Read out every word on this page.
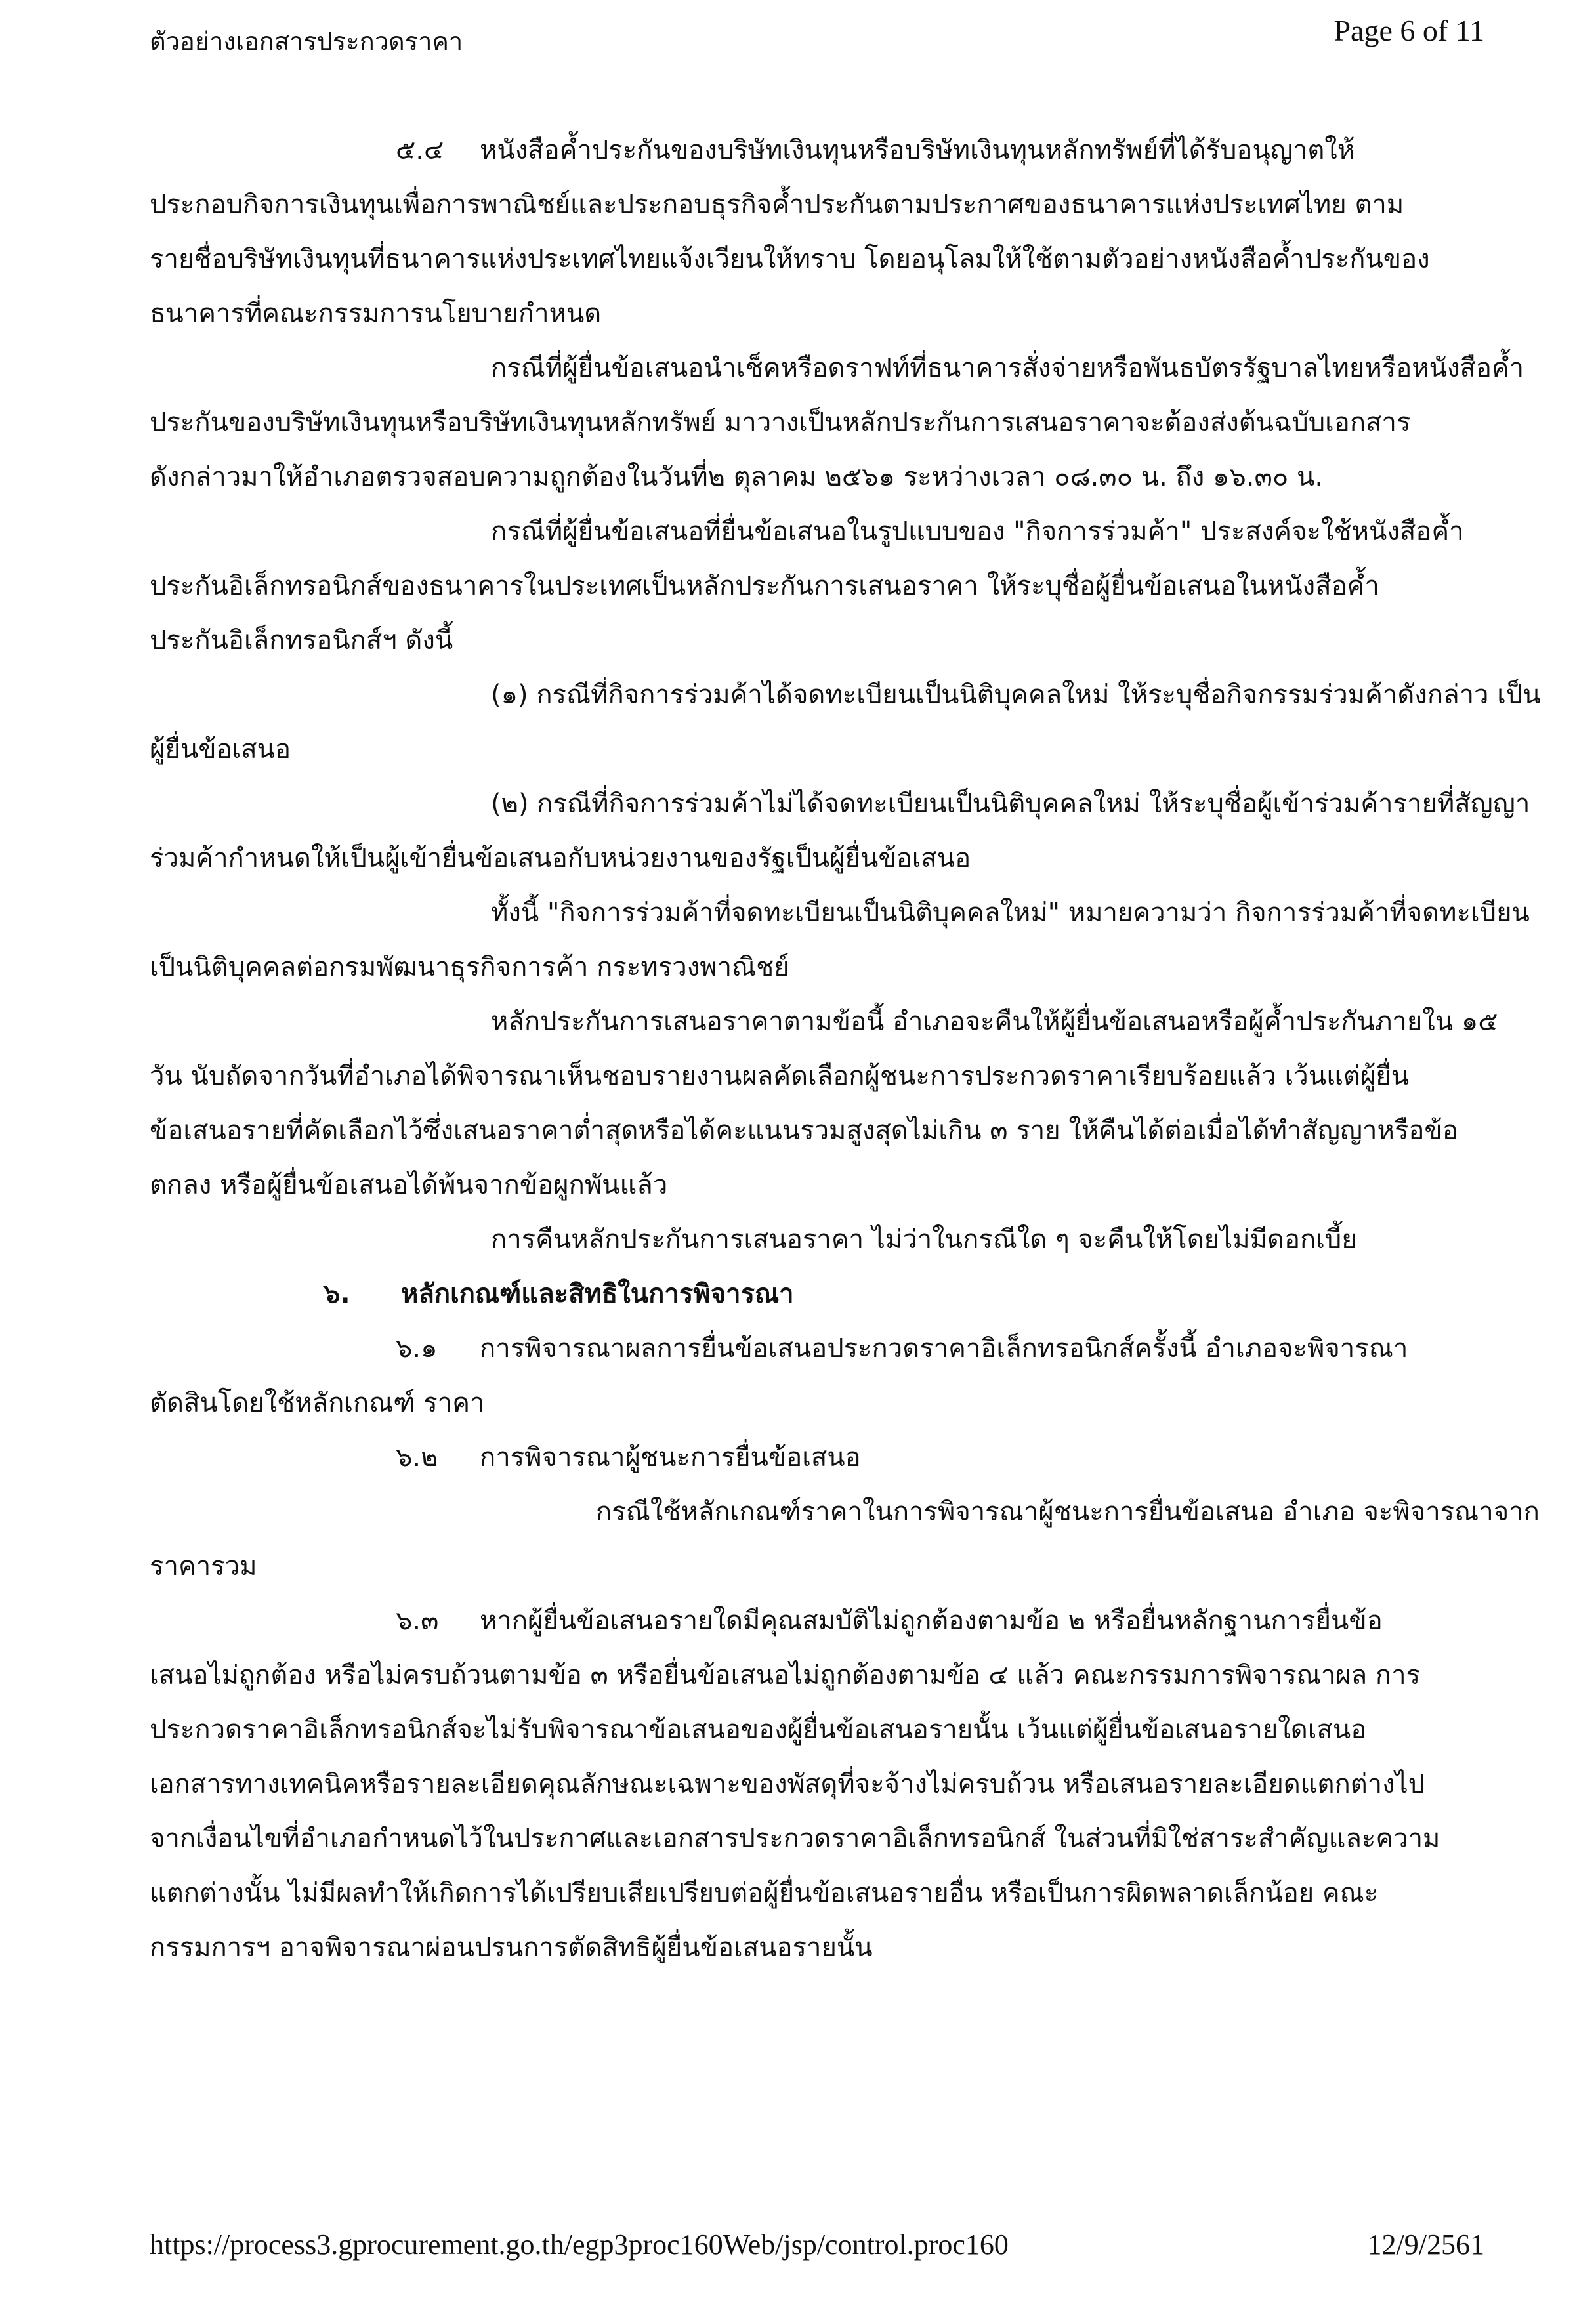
ตัวอย่างเอกสารประกวดราคา	Page 6 of 11
๕.๔ หนังสือค้ำประกันของบริษัทเงินทุนหรือบริษัทเงินทุนหลักทรัพย์ที่ได้รับอนุญาตให้
ประกอบกิจการเงินทุนเพื่อการพาณิชย์และประกอบธุรกิจค้ำประกันตามประกาศของธนาคารแห่งประเทศไทย ตาม
รายชื่อบริษัทเงินทุนที่ธนาคารแห่งประเทศไทยแจ้งเวียนให้ทราบ โดยอนุโลมให้ใช้ตามตัวอย่างหนังสือค้ำประกันของ
ธนาคารที่คณะกรรมการนโยบายกำหนด
กรณีที่ผู้ยื่นข้อเสนอนำเช็คหรือดราฟท์ที่ธนาคารสั่งจ่ายหรือพันธบัตรรัฐบาลไทยหรือหนังสือค้ำ
ประกันของบริษัทเงินทุนหรือบริษัทเงินทุนหลักทรัพย์ มาวางเป็นหลักประกันการเสนอราคาจะต้องส่งต้นฉบับเอกสาร
ดังกล่าวมาให้อำเภอตรวจสอบความถูกต้องในวันที่๒ ตุลาคม ๒๕๖๑ ระหว่างเวลา ๐๘.๓๐ น. ถึง ๑๖.๓๐ น.
กรณีที่ผู้ยื่นข้อเสนอที่ยื่นข้อเสนอในรูปแบบของ "กิจการร่วมค้า" ประสงค์จะใช้หนังสือค้ำ
ประกันอิเล็กทรอนิกส์ของธนาคารในประเทศเป็นหลักประกันการเสนอราคา ให้ระบุชื่อผู้ยื่นข้อเสนอในหนังสือค้ำ
ประกันอิเล็กทรอนิกส์ฯ ดังนี้
(๑) กรณีที่กิจการร่วมค้าได้จดทะเบียนเป็นนิติบุคคลใหม่ ให้ระบุชื่อกิจกรรมร่วมค้าดังกล่าว เป็น
ผู้ยื่นข้อเสนอ
(๒) กรณีที่กิจการร่วมค้าไม่ได้จดทะเบียนเป็นนิติบุคคลใหม่ ให้ระบุชื่อผู้เข้าร่วมค้ารายที่สัญญา
ร่วมค้ากำหนดให้เป็นผู้เข้ายื่นข้อเสนอกับหน่วยงานของรัฐเป็นผู้ยื่นข้อเสนอ
ทั้งนี้ "กิจการร่วมค้าที่จดทะเบียนเป็นนิติบุคคลใหม่" หมายความว่า กิจการร่วมค้าที่จดทะเบียน
เป็นนิติบุคคลต่อกรมพัฒนาธุรกิจการค้า กระทรวงพาณิชย์
หลักประกันการเสนอราคาตามข้อนี้ อำเภอจะคืนให้ผู้ยื่นข้อเสนอหรือผู้ค้ำประกันภายใน ๑๕
วัน นับถัดจากวันที่อำเภอได้พิจารณาเห็นชอบรายงานผลคัดเลือกผู้ชนะการประกวดราคาเรียบร้อยแล้ว เว้นแต่ผู้ยื่น
ข้อเสนอรายที่คัดเลือกไว้ซึ่งเสนอราคาต่ำสุดหรือได้คะแนนรวมสูงสุดไม่เกิน ๓ ราย ให้คืนได้ต่อเมื่อได้ทำสัญญาหรือข้อ
ตกลง หรือผู้ยื่นข้อเสนอได้พ้นจากข้อผูกพันแล้ว
การคืนหลักประกันการเสนอราคา ไม่ว่าในกรณีใด ๆ จะคืนให้โดยไม่มีดอกเบี้ย
๖. หลักเกณฑ์และสิทธิในการพิจารณา
๖.๑ การพิจารณาผลการยื่นข้อเสนอประกวดราคาอิเล็กทรอนิกส์ครั้งนี้ อำเภอจะพิจารณา
ตัดสินโดยใช้หลักเกณฑ์ ราคา
๖.๒ การพิจารณาผู้ชนะการยื่นข้อเสนอ
กรณีใช้หลักเกณฑ์ราคาในการพิจารณาผู้ชนะการยื่นข้อเสนอ อำเภอ จะพิจารณาจาก
ราคารวม
๖.๓ หากผู้ยื่นข้อเสนอรายใดมีคุณสมบัติไม่ถูกต้องตามข้อ ๒ หรือยื่นหลักฐานการยื่นข้อ
เสนอไม่ถูกต้อง หรือไม่ครบถ้วนตามข้อ ๓ หรือยื่นข้อเสนอไม่ถูกต้องตามข้อ ๔ แล้ว คณะกรรมการพิจารณาผล การ
ประกวดราคาอิเล็กทรอนิกส์จะไม่รับพิจารณาข้อเสนอของผู้ยื่นข้อเสนอรายนั้น เว้นแต่ผู้ยื่นข้อเสนอรายใดเสนอ
เอกสารทางเทคนิคหรือรายละเอียดคุณลักษณะเฉพาะของพัสดุที่จะจ้างไม่ครบถ้วน หรือเสนอรายละเอียดแตกต่างไป
จากเงื่อนไขที่อำเภอกำหนดไว้ในประกาศและเอกสารประกวดราคาอิเล็กทรอนิกส์ ในส่วนที่มิใช่สาระสำคัญและความ
แตกต่างนั้น ไม่มีผลทำให้เกิดการได้เปรียบเสียเปรียบต่อผู้ยื่นข้อเสนอรายอื่น หรือเป็นการผิดพลาดเล็กน้อย คณะ
กรรมการฯ อาจพิจารณาผ่อนปรนการตัดสิทธิผู้ยื่นข้อเสนอรายนั้น
https://process3.gprocurement.go.th/egp3proc160Web/jsp/control.proc160	12/9/2561
